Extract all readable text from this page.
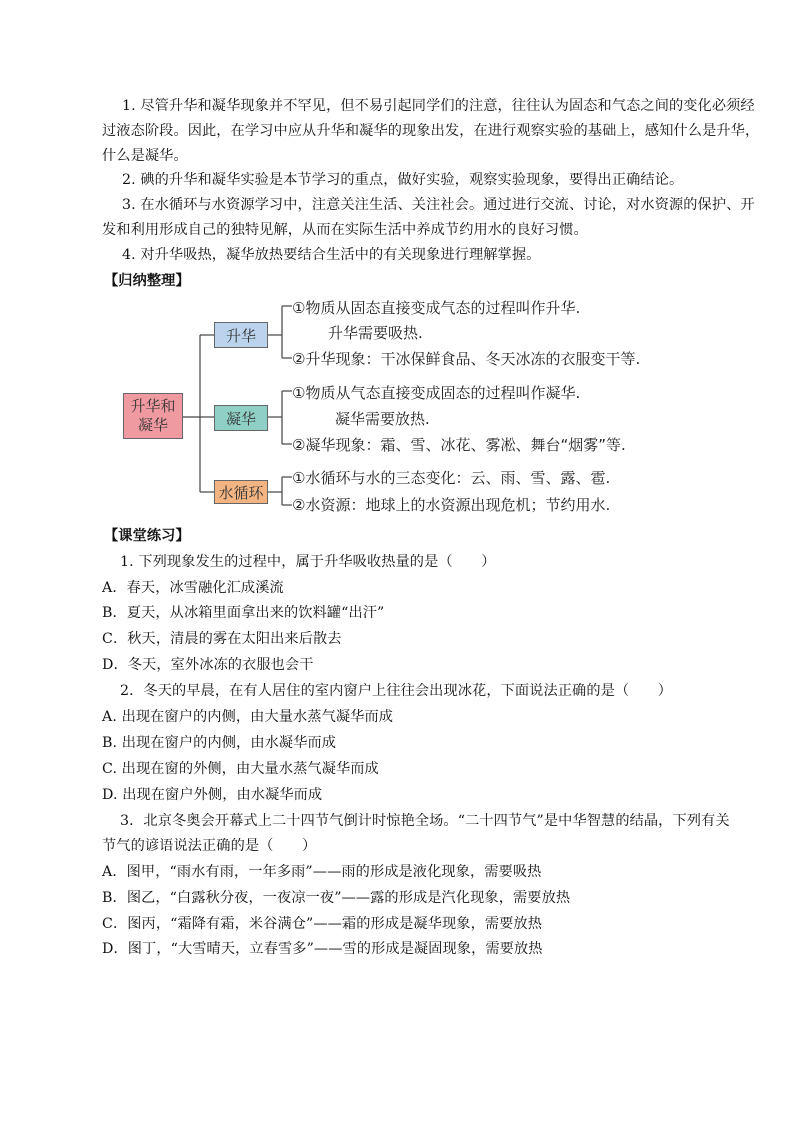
1. 尽管升华和凝华现象并不罕见，但不易引起同学们的注意，往往认为固态和气态之间的变化必须经
过液态阶段。因此，在学习中应从升华和凝华的现象出发，在进行观察实验的基础上，感知什么是升华，
什么是凝华。
2. 碘的升华和凝华实验是本节学习的重点，做好实验，观察实验现象，要得出正确结论。
3. 在水循环与水资源学习中，注意关注生活、关注社会。通过进行交流、讨论，对水资源的保护、开
发和利用形成自己的独特见解，从而在实际生活中养成节约用水的良好习惯。
4. 对升华吸热，凝华放热要结合生活中的有关现象进行理解掌握。
【归纳整理】
升华和凝华
升华
凝华
水循环
①物质从固态直接变成气态的过程叫作升华.
升华需要吸热.
②升华现象：干冰保鲜食品、冬天冰冻的衣服变干等.
①物质从气态直接变成固态的过程叫作凝华.
凝华需要放热.
②凝华现象：霜、雪、冰花、雾凇、舞台“烟雾”等.
①水循环与水的三态变化：云、雨、雪、露、雹.
②水资源：地球上的水资源出现危机；节约用水.
【课堂练习】
1. 下列现象发生的过程中，属于升华吸收热量的是（　　）
A．春天，冰雪融化汇成溪流
B．夏天，从冰箱里面拿出来的饮料罐“出汗”
C．秋天，清晨的雾在太阳出来后散去
D．冬天，室外冰冻的衣服也会干
2．冬天的早晨，在有人居住的室内窗户上往往会出现冰花，下面说法正确的是（　　）
A. 出现在窗户的内侧，由大量水蒸气凝华而成
B. 出现在窗户的内侧，由水凝华而成
C. 出现在窗的外侧，由大量水蒸气凝华而成
D. 出现在窗户外侧，由水凝华而成
3．北京冬奥会开幕式上二十四节气倒计时惊艳全场。“二十四节气”是中华智慧的结晶，下列有关
节气的谚语说法正确的是（　　）
A．图甲，“雨水有雨，一年多雨”——雨的形成是液化现象，需要吸热
B．图乙，“白露秋分夜，一夜凉一夜”——露的形成是汽化现象，需要放热
C．图丙，“霜降有霜，米谷满仓”——霜的形成是凝华现象，需要放热
D．图丁，“大雪晴天，立春雪多”——雪的形成是凝固现象，需要放热
